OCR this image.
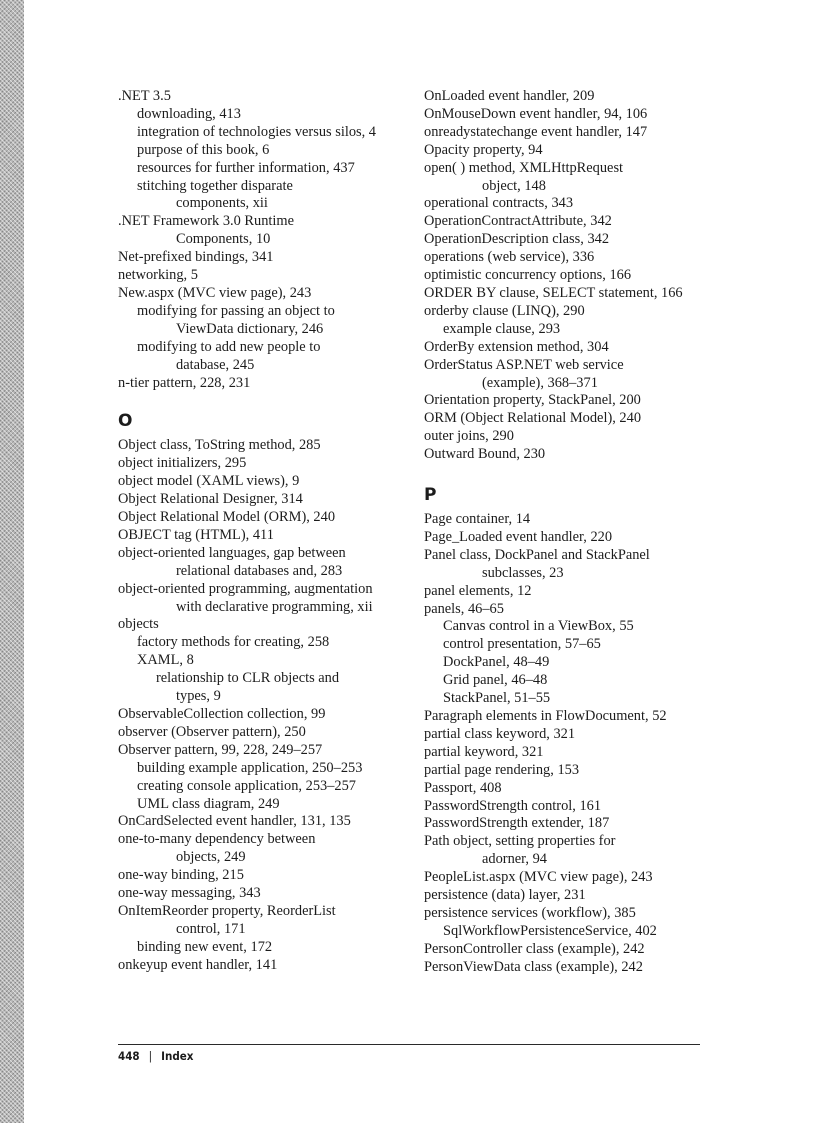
.NET 3.5
downloading, 413
integration of technologies versus silos, 4
purpose of this book, 6
resources for further information, 437
stitching together disparate
components, xii
.NET Framework 3.0 Runtime
Components, 10
Net-prefixed bindings, 341
networking, 5
New.aspx (MVC view page), 243
modifying for passing an object to
ViewData dictionary, 246
modifying to add new people to
database, 245
n-tier pattern, 228, 231
O
Object class, ToString method, 285
object initializers, 295
object model (XAML views), 9
Object Relational Designer, 314
Object Relational Model (ORM), 240
OBJECT tag (HTML), 411
object-oriented languages, gap between
relational databases and, 283
object-oriented programming, augmentation
with declarative programming, xii
objects
factory methods for creating, 258
XAML, 8
relationship to CLR objects and
types, 9
ObservableCollection collection, 99
observer (Observer pattern), 250
Observer pattern, 99, 228, 249–257
building example application, 250–253
creating console application, 253–257
UML class diagram, 249
OnCardSelected event handler, 131, 135
one-to-many dependency between
objects, 249
one-way binding, 215
one-way messaging, 343
OnItemReorder property, ReorderList
control, 171
binding new event, 172
onkeyup event handler, 141
OnLoaded event handler, 209
OnMouseDown event handler, 94, 106
onreadystatechange event handler, 147
Opacity property, 94
open( ) method, XMLHttpRequest
object, 148
operational contracts, 343
OperationContractAttribute, 342
OperationDescription class, 342
operations (web service), 336
optimistic concurrency options, 166
ORDER BY clause, SELECT statement, 166
orderby clause (LINQ), 290
example clause, 293
OrderBy extension method, 304
OrderStatus ASP.NET web service
(example), 368–371
Orientation property, StackPanel, 200
ORM (Object Relational Model), 240
outer joins, 290
Outward Bound, 230
P
Page container, 14
Page_Loaded event handler, 220
Panel class, DockPanel and StackPanel
subclasses, 23
panel elements, 12
panels, 46–65
Canvas control in a ViewBox, 55
control presentation, 57–65
DockPanel, 48–49
Grid panel, 46–48
StackPanel, 51–55
Paragraph elements in FlowDocument, 52
partial class keyword, 321
partial keyword, 321
partial page rendering, 153
Passport, 408
PasswordStrength control, 161
PasswordStrength extender, 187
Path object, setting properties for
adorner, 94
PeopleList.aspx (MVC view page), 243
persistence (data) layer, 231
persistence services (workflow), 385
SqlWorkflowPersistenceService, 402
PersonController class (example), 242
PersonViewData class (example), 242
448 | Index
